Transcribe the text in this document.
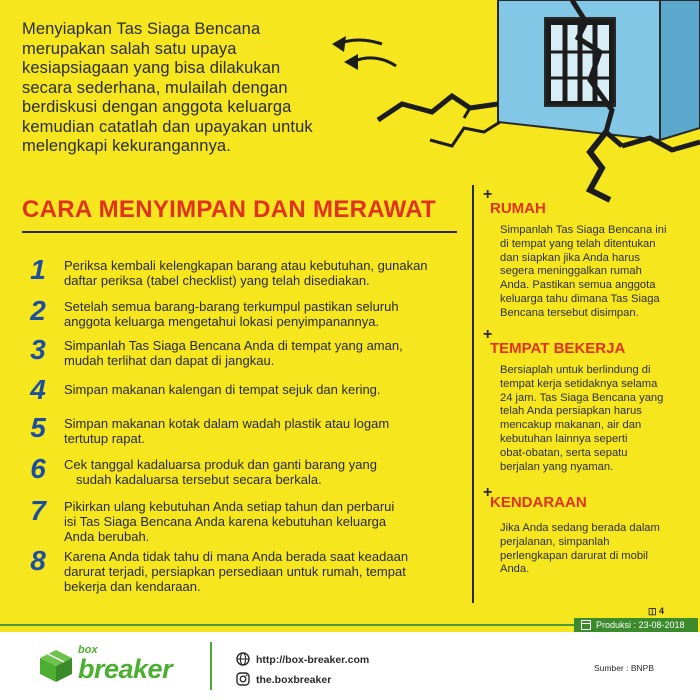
Menyiapkan Tas Siaga Bencana

merupakan salah satu upaya

kesiapsiagaan yang bisa dilakukan

secara sederhana, mulailah dengan

berdiskusi dengan anggota keluarga

kemudian catatlah dan upayakan untuk

melengkapi kekurangannya.

CARA MENYIMPAN DAN MERAWAT
1	Periksa kembali kelengkapan barang atau kebutuhan, gunakan
daftar periksa (tabel checklist) yang telah disediakan.
2	Setelah semua barang-barang terkumpul pastikan seluruh
anggota keluarga mengetahui lokasi penyimpanannya.
3	Simpanlah Tas Siaga Bencana Anda di tempat yang aman,
mudah terlihat dan dapat di jangkau.
4	Simpan makanan kalengan di tempat sejuk dan kering.
5	Simpan makanan kotak dalam wadah plastik atau logam
tertutup rapat.
6	Cek tanggal kadaluarsa produk dan ganti barang yang
sudah kadaluarsa tersebut secara berkala.
7	Pikirkan ulang kebutuhan Anda setiap tahun dan perbarui
isi Tas Siaga Bencana Anda karena kebutuhan keluarga
Anda berubah.
8	Karena Anda tidak tahu di mana Anda berada saat keadaan
darurat terjadi, persiapkan persediaan untuk rumah, tempat
bekerja dan kendaraan.
+
RUMAH
Simpanlah Tas Siaga Bencana ini
di tempat yang telah ditentukan
dan siapkan jika Anda harus
segera meninggalkan rumah
Anda. Pastikan semua anggota
keluarga tahu dimana Tas Siaga
Bencana tersebut disimpan.
+
TEMPAT BEKERJA
Bersiaplah untuk berlindung di
tempat kerja setidaknya selama
24 jam. Tas Siaga Bencana yang
telah Anda persiapkan harus
mencakup makanan, air dan
kebutuhan lainnya seperti
obat-obatan, serta sepatu
berjalan yang nyaman.
+
KENDARAAN
Jika Anda sedang berada dalam
perjalanan, simpanlah
perlengkapan darurat di mobil
Anda.
◫ 4
Produksi : 23-08-2018
box
breaker	http://box-breaker.com
the.boxbreaker
Sumber : BNPB
